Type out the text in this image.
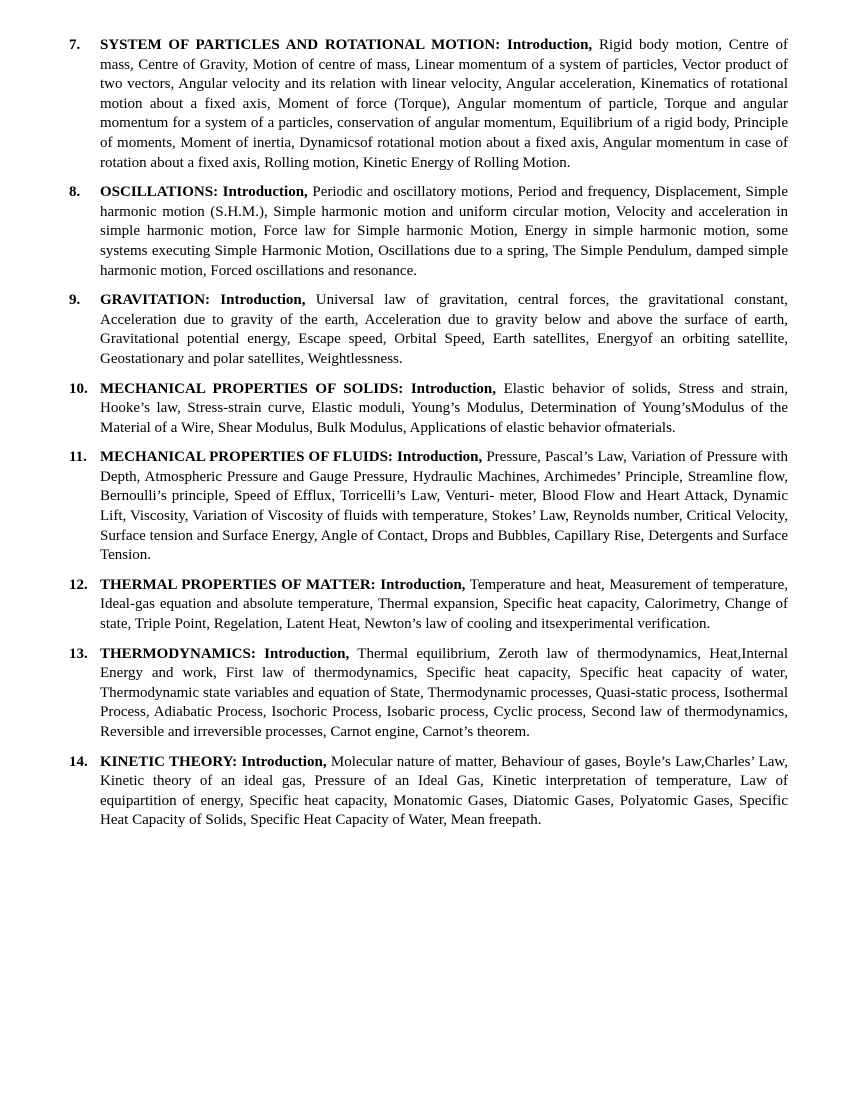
7. SYSTEM OF PARTICLES AND ROTATIONAL MOTION: Introduction, Rigid body motion, Centre of mass, Centre of Gravity, Motion of centre of mass, Linear momentum of a system of particles, Vector product of two vectors, Angular velocity and its relation with linear velocity, Angular acceleration, Kinematics of rotational motion about a fixed axis, Moment of force (Torque), Angular momentum of particle, Torque and angular momentum for a system of a particles, conservation of angular momentum, Equilibrium of a rigid body, Principle of moments, Moment of inertia, Dynamicsof rotational motion about a fixed axis, Angular momentum in case of rotation about a fixed axis, Rolling motion, Kinetic Energy of Rolling Motion.
8. OSCILLATIONS: Introduction, Periodic and oscillatory motions, Period and frequency, Displacement, Simple harmonic motion (S.H.M.), Simple harmonic motion and uniform circular motion, Velocity and acceleration in simple harmonic motion, Force law for Simple harmonic Motion, Energy in simple harmonic motion, some systems executing Simple Harmonic Motion, Oscillations due to a spring, The Simple Pendulum, damped simple harmonic motion, Forced oscillations and resonance.
9. GRAVITATION: Introduction, Universal law of gravitation, central forces, the gravitational constant, Acceleration due to gravity of the earth, Acceleration due to gravity below and above the surface of earth, Gravitational potential energy, Escape speed, Orbital Speed, Earth satellites, Energyof an orbiting satellite, Geostationary and polar satellites, Weightlessness.
10. MECHANICAL PROPERTIES OF SOLIDS: Introduction, Elastic behavior of solids, Stress and strain, Hooke’s law, Stress-strain curve, Elastic moduli, Young’s Modulus, Determination of Young’sModulus of the Material of a Wire, Shear Modulus, Bulk Modulus, Applications of elastic behavior ofmaterials.
11. MECHANICAL PROPERTIES OF FLUIDS: Introduction, Pressure, Pascal’s Law, Variation of Pressure with Depth, Atmospheric Pressure and Gauge Pressure, Hydraulic Machines, Archimedes’ Principle, Streamline flow, Bernoulli’s principle, Speed of Efflux, Torricelli’s Law, Venturi- meter, Blood Flow and Heart Attack, Dynamic Lift, Viscosity, Variation of Viscosity of fluids with temperature, Stokes’ Law, Reynolds number, Critical Velocity, Surface tension and Surface Energy, Angle of Contact, Drops and Bubbles, Capillary Rise, Detergents and Surface Tension.
12. THERMAL PROPERTIES OF MATTER: Introduction, Temperature and heat, Measurement of temperature, Ideal-gas equation and absolute temperature, Thermal expansion, Specific heat capacity, Calorimetry, Change of state, Triple Point, Regelation, Latent Heat, Newton’s law of cooling and itsexperimental verification.
13. THERMODYNAMICS: Introduction, Thermal equilibrium, Zeroth law of thermodynamics, Heat,Internal Energy and work, First law of thermodynamics, Specific heat capacity, Specific heat capacity of water, Thermodynamic state variables and equation of State, Thermodynamic processes, Quasi-static process, Isothermal Process, Adiabatic Process, Isochoric Process, Isobaric process, Cyclic process, Second law of thermodynamics, Reversible and irreversible processes, Carnot engine, Carnot’s theorem.
14. KINETIC THEORY: Introduction, Molecular nature of matter, Behaviour of gases, Boyle’s Law,Charles’ Law, Kinetic theory of an ideal gas, Pressure of an Ideal Gas, Kinetic interpretation of temperature, Law of equipartition of energy, Specific heat capacity, Monatomic Gases, Diatomic Gases, Polyatomic Gases, Specific Heat Capacity of Solids, Specific Heat Capacity of Water, Mean freepath.
